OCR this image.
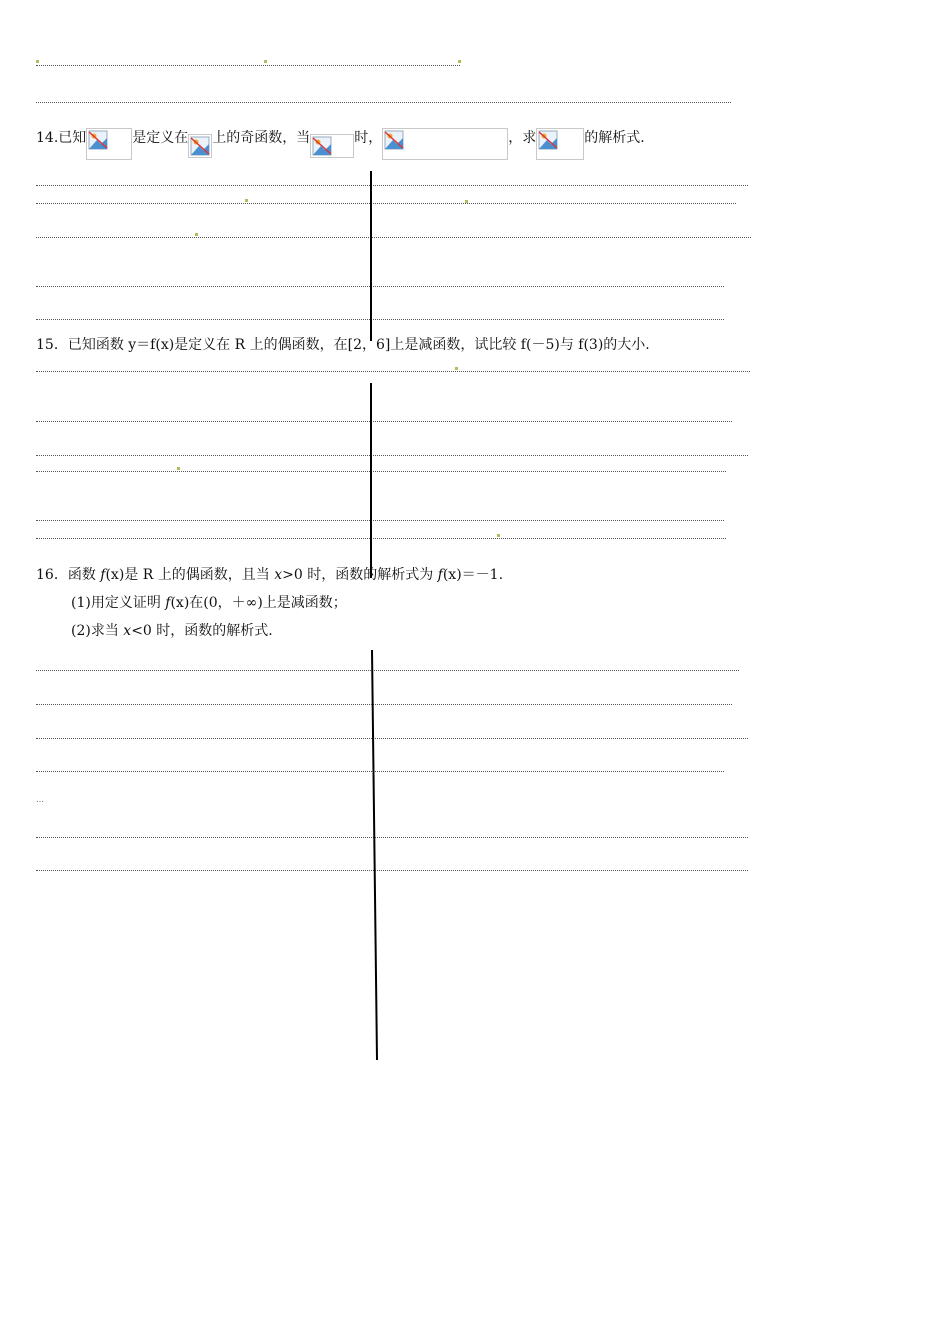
14.已知	是定义在 上的奇函数，当	时，	，求	的解析式.
15．已知函数 y＝f(x)是定义在 R 上的偶函数，在[2，6]上是减函数，试比较 f(－5)与 f(3)的大小.
16．函数 f(x)是 R 上的偶函数，且当 x>0 时，函数的解析式为 f(x)＝－1.
(1)用定义证明 f(x)在(0，＋∞)上是减函数；
(2)求当 x<0 时，函数的解析式.
…
